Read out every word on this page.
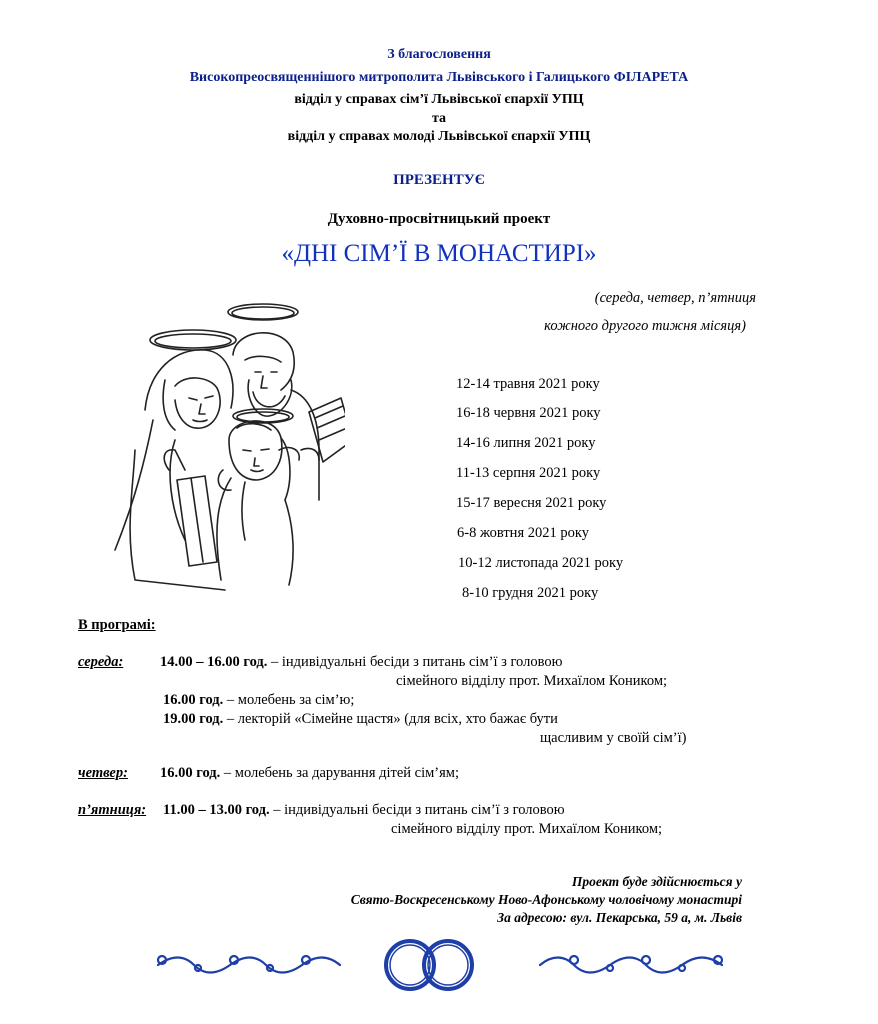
З благословення
Високопреосвященнішого митрополита Львівського і Галицького ФІЛАРЕТА
відділ у справах сім’ї Львівської єпархії УПЦ
та
відділ у справах молоді Львівської єпархії УПЦ
ПРЕЗЕНТУЄ
Духовно-просвітницький проект
«ДНІ СІМ’Ї В МОНАСТИРІ»
(середа, четвер, п’ятниця
кожного другого тижня місяця)
12-14 травня 2021 року
16-18 червня 2021 року
14-16 липня 2021 року
11-13 серпня 2021 року
15-17 вересня 2021 року
6-8 жовтня 2021 року
10-12 листопада 2021 року
8-10 грудня 2021 року
В програмі:
середа:	14.00 – 16.00 год. – індивідуальні бесіди з питань сім’ї з головою
сімейного відділу прот. Михаїлом Коником;
16.00 год. – молебень за сім’ю;
19.00 год. – лекторій «Сімейне щастя» (для всіх, хто бажає бути
щасливим у своїй сім’ї)
четвер: 16.00 год. – молебень за дарування дітей сім’ям;
п’ятниця: 11.00 – 13.00 год. – індивідуальні бесіди з питань сім’ї з головою
сімейного відділу прот. Михаїлом Коником;
Проект буде здійснюється у
Свято-Воскресенському Ново-Афонському чоловічому монастирі
За адресою: вул. Пекарська, 59 а, м. Львів
